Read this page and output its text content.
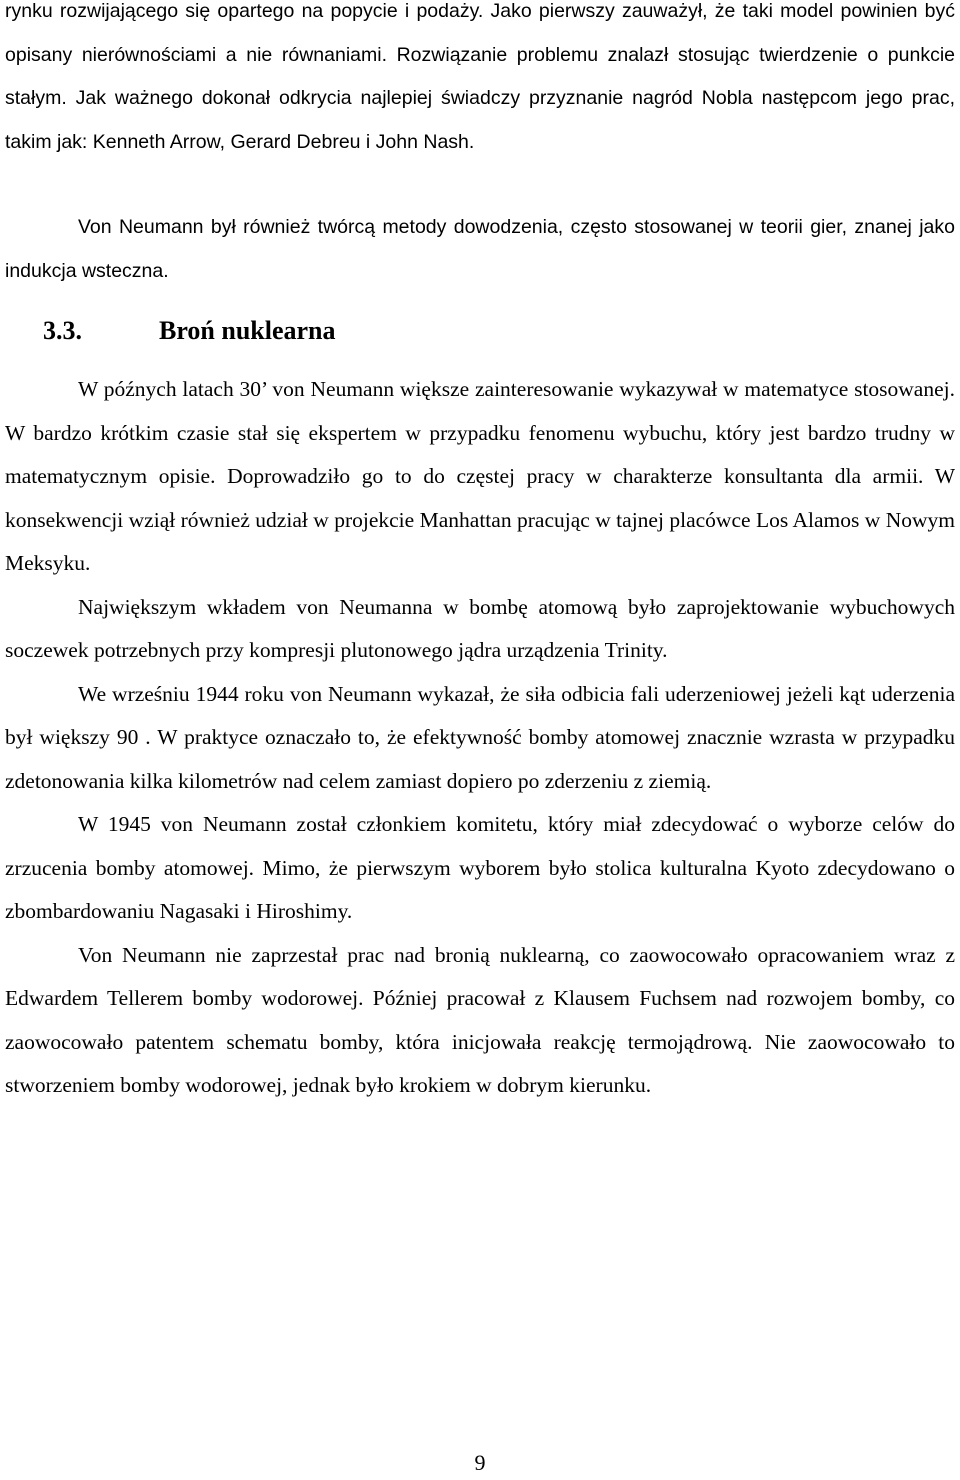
rynku rozwijającego się opartego na popycie i podaży. Jako pierwszy zauważył, że taki model powinien być opisany nierównościami a nie równaniami. Rozwiązanie problemu znalazł stosując twierdzenie o punkcie stałym. Jak ważnego dokonał odkrycia najlepiej świadczy przyznanie nagród Nobla następcom jego prac, takim jak: Kenneth Arrow, Gerard Debreu i John Nash.

Von Neumann był również twórcą metody dowodzenia, często stosowanej w teorii gier, znanej jako indukcja wsteczna.

3.3.	Broń nuklearna

W późnych latach 30’ von Neumann większe zainteresowanie wykazywał w matematyce stosowanej. W bardzo krótkim czasie stał się ekspertem w przypadku fenomenu wybuchu, który jest bardzo trudny w matematycznym opisie. Doprowadziło go to do częstej pracy w charakterze konsultanta dla armii. W konsekwencji wziął również udział w projekcie Manhattan pracując w tajnej placówce Los Alamos w Nowym Meksyku.

Największym wkładem von Neumanna w bombę atomową było zaprojektowanie wybuchowych soczewek potrzebnych przy kompresji plutonowego jądra urządzenia Trinity.

We wrześniu 1944 roku von Neumann wykazał, że siła odbicia fali uderzeniowej jeżeli kąt uderzenia był większy 90 . W praktyce oznaczało to, że efektywność bomby atomowej znacznie wzrasta w przypadku zdetonowania kilka kilometrów nad celem zamiast dopiero po zderzeniu z ziemią.

W 1945 von Neumann został członkiem komitetu, który miał zdecydować o wyborze celów do zrzucenia bomby atomowej. Mimo, że pierwszym wyborem było stolica kulturalna Kyoto zdecydowano o zbombardowaniu Nagasaki i Hiroshimy.

Von Neumann nie zaprzestał prac nad bronią nuklearną, co zaowocowało opracowaniem wraz z Edwardem Tellerem bomby wodorowej. Później pracował z Klausem Fuchsem nad rozwojem bomby, co zaowocowało patentem schematu bomby, która inicjowała reakcję termojądrową. Nie zaowocowało to stworzeniem bomby wodorowej, jednak było krokiem w dobrym kierunku.

9
